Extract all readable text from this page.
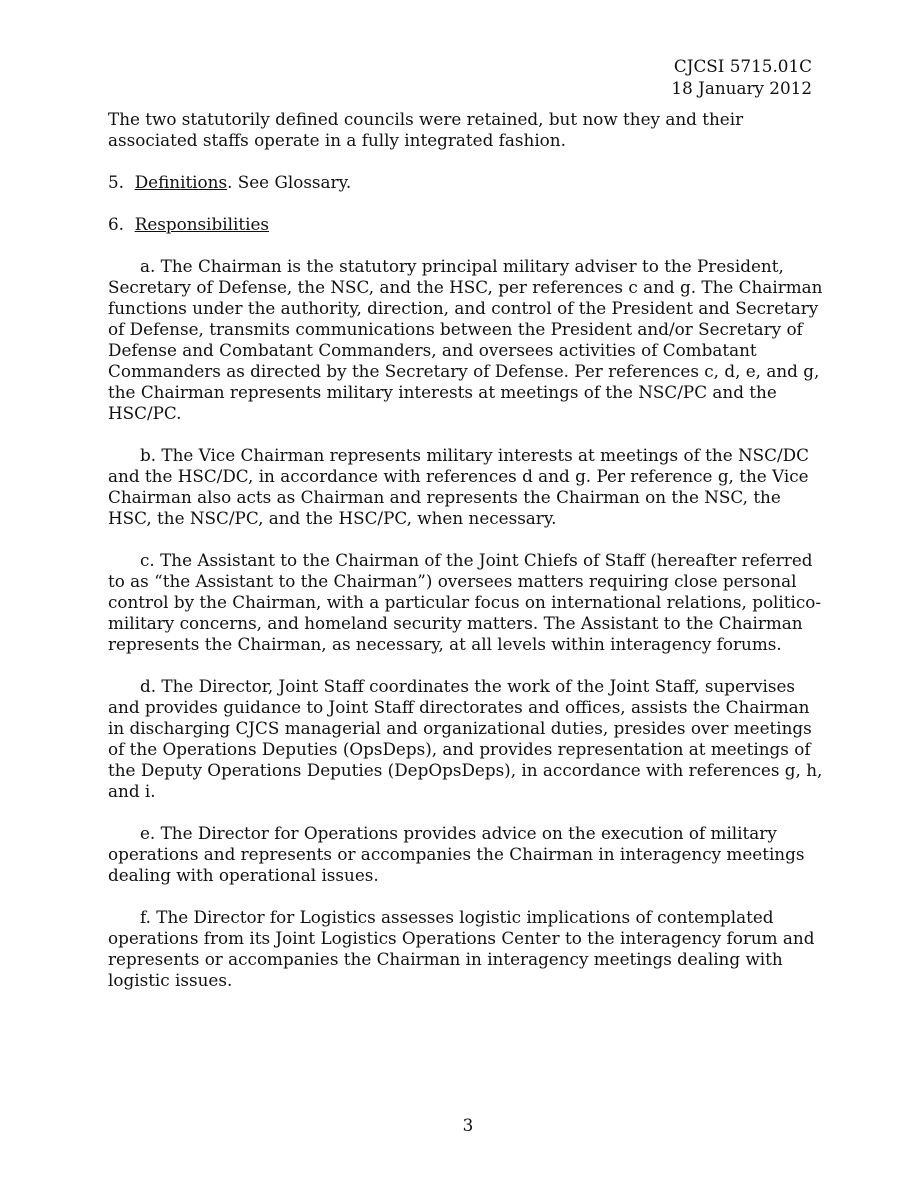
CJCSI 5715.01C
18 January 2012

The two statutorily defined councils were retained, but now they and their associated staffs operate in a fully integrated fashion.

5. Definitions. See Glossary.

6. Responsibilities

a. The Chairman is the statutory principal military adviser to the President, Secretary of Defense, the NSC, and the HSC, per references c and g. The Chairman functions under the authority, direction, and control of the President and Secretary of Defense, transmits communications between the President and/or Secretary of Defense and Combatant Commanders, and oversees activities of Combatant Commanders as directed by the Secretary of Defense. Per references c, d, e, and g, the Chairman represents military interests at meetings of the NSC/PC and the HSC/PC.

b. The Vice Chairman represents military interests at meetings of the NSC/DC and the HSC/DC, in accordance with references d and g. Per reference g, the Vice Chairman also acts as Chairman and represents the Chairman on the NSC, the HSC, the NSC/PC, and the HSC/PC, when necessary.

c. The Assistant to the Chairman of the Joint Chiefs of Staff (hereafter referred to as “the Assistant to the Chairman”) oversees matters requiring close personal control by the Chairman, with a particular focus on international relations, politico-military concerns, and homeland security matters. The Assistant to the Chairman represents the Chairman, as necessary, at all levels within interagency forums.

d. The Director, Joint Staff coordinates the work of the Joint Staff, supervises and provides guidance to Joint Staff directorates and offices, assists the Chairman in discharging CJCS managerial and organizational duties, presides over meetings of the Operations Deputies (OpsDeps), and provides representation at meetings of the Deputy Operations Deputies (DepOpsDeps), in accordance with references g, h, and i.

e. The Director for Operations provides advice on the execution of military operations and represents or accompanies the Chairman in interagency meetings dealing with operational issues.

f. The Director for Logistics assesses logistic implications of contemplated operations from its Joint Logistics Operations Center to the interagency forum and represents or accompanies the Chairman in interagency meetings dealing with logistic issues.

3
